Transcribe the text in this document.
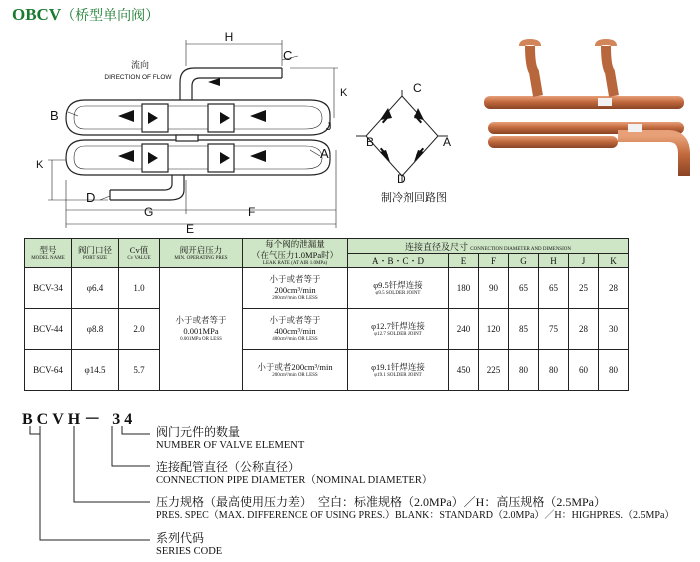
OBCV（桥型单向阀）
H
C
K
J
A
B
K
D
G	F
E
流向
DIRECTION OF FLOW
C
B	A
D
制冷剂回路图
型号
MODEL NAME	阀门口径
PORT SIZE	Cv值
Cv VALUE	阀开启压力
MIN. OPERATING PRES	每个阀的泄漏量
（在气压力1.0MPa时）
LEAK RATE (AT AIR 1.0MPa)	连接直径及尺寸 CONNECTION DIAMETER AND DIMENSION						
					A・B・C・D	E	F	G	H	J	K
BCV-34	φ6.4	1.0	小于或者等于
0.001MPa
0.001MPa OR LESS	小于或者等于
200cm³/min
200cm³/min OR LESS	φ9.5钎焊连接
φ9.5 SOLDER JOINT	180	90	65	65	25	28
BCV-44	φ8.8	2.0		小于或者等于
400cm³/min
400cm³/min OR LESS	φ12.7钎焊连接
φ12.7 SOLDER JOINT	240	120	85	75	28	30
BCV-64	φ14.5	5.7		小于或者200cm³/min
200cm³/min OR LESS	φ19.1钎焊连接
φ19.1 SOLDER JOINT	450	225	80	80	60	80
BCVH－ 34
阀门元件的数量
NUMBER OF VALVE ELEMENT
连接配管直径（公称直径）
CONNECTION PIPE DIAMETER（NOMINAL DIAMETER）
压力规格（最高使用压力差）　空白：标准规格（2.0MPa）／H：高压规格（2.5MPa）
PRES. SPEC（MAX. DIFFERENCE OF USING PRES.）BLANK：STANDARD（2.0MPa）／H：HIGHPRES.（2.5MPa）
系列代码
SERIES CODE
